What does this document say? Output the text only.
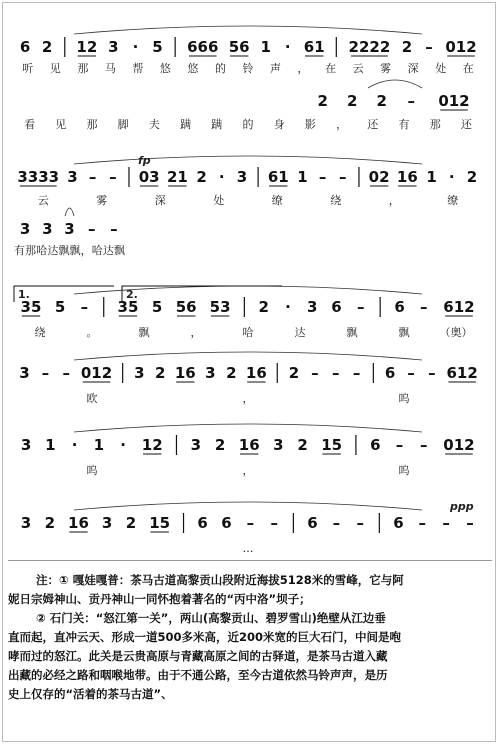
6 2 12 3 · 5 666 56 1 · 61 2222 2 – 012
听 见 那 马 帮 悠 悠 的 铃 声 ， 在 云 雾 深 处 在
2 2 2 – 012
看 见 那 脚 夫 蹒 蹒 的 身 影 ， 还 有 那 还
3333 3 – – 03 21 2 · 3 61 1 – – 02 16 1 · 2
云	雾	深	处	缭	绕	，	缭
fp
3 3 3 – –
有 那 哈 达 飘 飘 ， 哈 达 飘
35 5 – 35 5 56 53 2 · 3 6 – 6 – 612
绕	。	飘	，	哈	达	飘	飘	（奥）
1.	2.
3 – – 012 3 2 16 3 2 16 2 – – – 6 – – 612
欧	，	呜
3 1 · 1 · 12 3 2 16 3 2 15 6 – – 012
呜	，	呜
3 2 16 3 2 15 6 6 – – 6 – – 6 – – –
…
ppp
注：① 嘎娃嘎普：茶马古道高黎贡山段附近海拔5128米的雪峰，它与阿
妮日宗姆神山、贡丹神山一同怀抱着著名的“丙中洛”坝子；
② 石门关：“怒江第一关”，两山(高黎贡山、碧罗雪山)绝壁从江边垂
直而起，直冲云天、形成一道500多米高，近200米宽的巨大石门，中间是咆
哮而过的怒江。此关是云贵高原与青藏高原之间的古驿道，是茶马古道入藏
出藏的必经之路和咽喉地带。由于不通公路，至今古道依然马铃声声，是历
史上仅存的“活着的茶马古道”、
